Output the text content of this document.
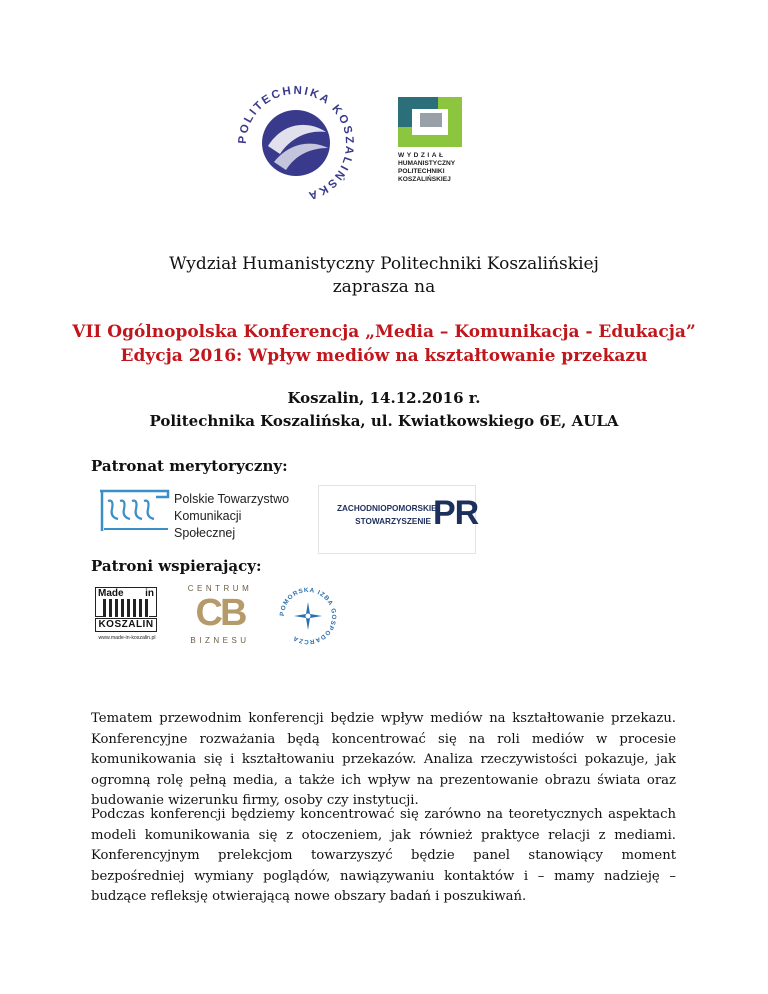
POLITECHNIKA KOSZALIŃSKA
WYDZIAŁ
HUMANISTYCZNY
POLITECHNIKI
KOSZALIŃSKIEJ
Wydział Humanistyczny Politechniki Koszalińskiej
zaprasza na
VII Ogólnopolska Konferencja „Media – Komunikacja - Edukacja”
Edycja 2016: Wpływ mediów na kształtowanie przekazu
Koszalin, 14.12.2016 r.
Politechnika Koszalińska, ul. Kwiatkowskiego 6E, AULA
Patronat merytoryczny:
Polskie Towarzystwo
Komunikacji Społecznej
ZACHODNIOPOMORSKIE
STOWARZYSZENIE PR
Patroni wspierający:
Made in
KOSZALIN
www.made-in-koszalin.pl
CENTRUM
CB
BIZNESU
POMORSKA IZBA GOSPODARCZA
Tematem przewodnim konferencji będzie wpływ mediów na kształtowanie przekazu. Konferencyjne rozważania będą koncentrować się na roli mediów w procesie komunikowania się i kształtowaniu przekazów. Analiza rzeczywistości pokazuje, jak ogromną rolę pełną media, a także ich wpływ na prezentowanie obrazu świata oraz budowanie wizerunku firmy, osoby czy instytucji.
Podczas konferencji będziemy koncentrować się zarówno na teoretycznych aspektach modeli komunikowania się z otoczeniem, jak również praktyce relacji z mediami. Konferencyjnym prelekcjom towarzyszyć będzie panel stanowiący moment bezpośredniej wymiany poglądów, nawiązywaniu kontaktów i – mamy nadzieję – budzące refleksję otwierającą nowe obszary badań i poszukiwań.
